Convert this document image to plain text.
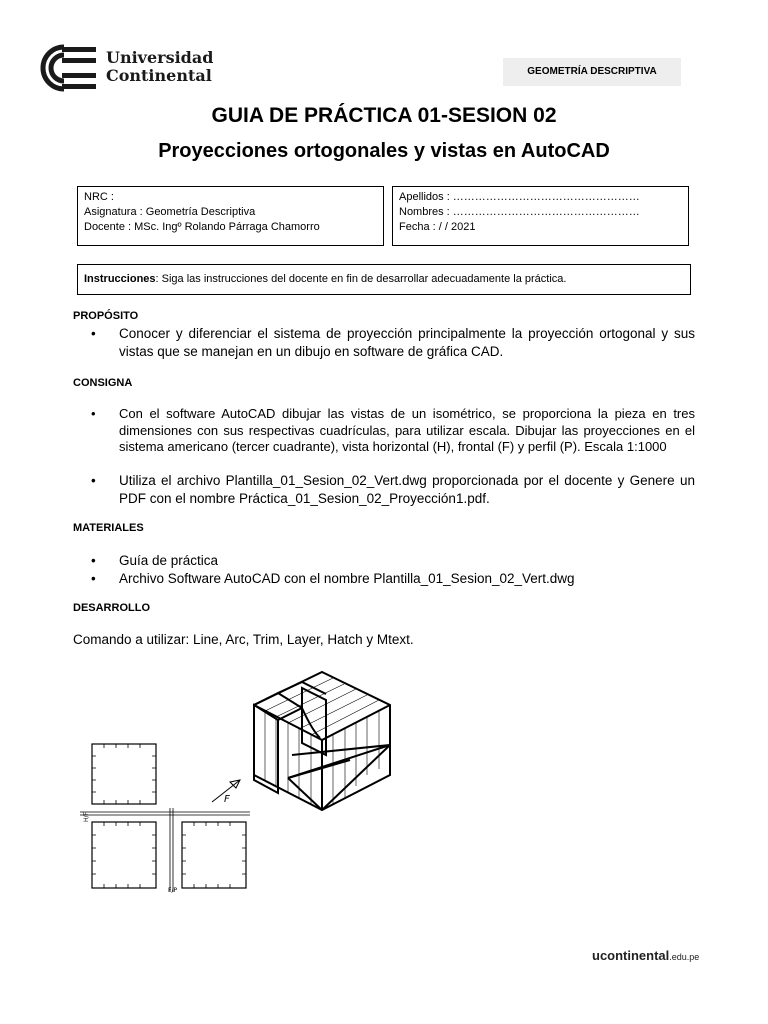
Universidad
Continental	GEOMETRÍA DESCRIPTIVA
GUIA DE PRÁCTICA 01-SESION 02
Proyecciones ortogonales y vistas en AutoCAD
NRC :
Asignatura : Geometría Descriptiva
Docente : MSc. Ingº Rolando Párraga Chamorro
Apellidos : ……………………………………………
Nombres : ……………………………………………
Fecha : / / 2021
Instrucciones: Siga las instrucciones del docente en fin de desarrollar adecuadamente la práctica.
PROPÓSITO
• Conocer y diferenciar el sistema de proyección principalmente la proyección ortogonal y sus vistas que se manejan en un dibujo en software de gráfica CAD.
CONSIGNA
• Con el software AutoCAD dibujar las vistas de un isométrico, se proporciona la pieza en tres dimensiones con sus respectivas cuadrículas, para utilizar escala. Dibujar las proyecciones en el sistema americano (tercer cuadrante), vista horizontal (H), frontal (F) y perfil (P). Escala 1:1000
• Utiliza el archivo Plantilla_01_Sesion_02_Vert.dwg proporcionada por el docente y Genere un PDF con el nombre Práctica_01_Sesion_02_Proyección1.pdf.
MATERIALES
• Guía de práctica
• Archivo Software AutoCAD con el nombre Plantilla_01_Sesion_02_Vert.dwg
DESARROLLO
Comando a utilizar: Line, Arc, Trim, Layer, Hatch y Mtext.
H/F
F/P
F
ucontinental.edu.pe
